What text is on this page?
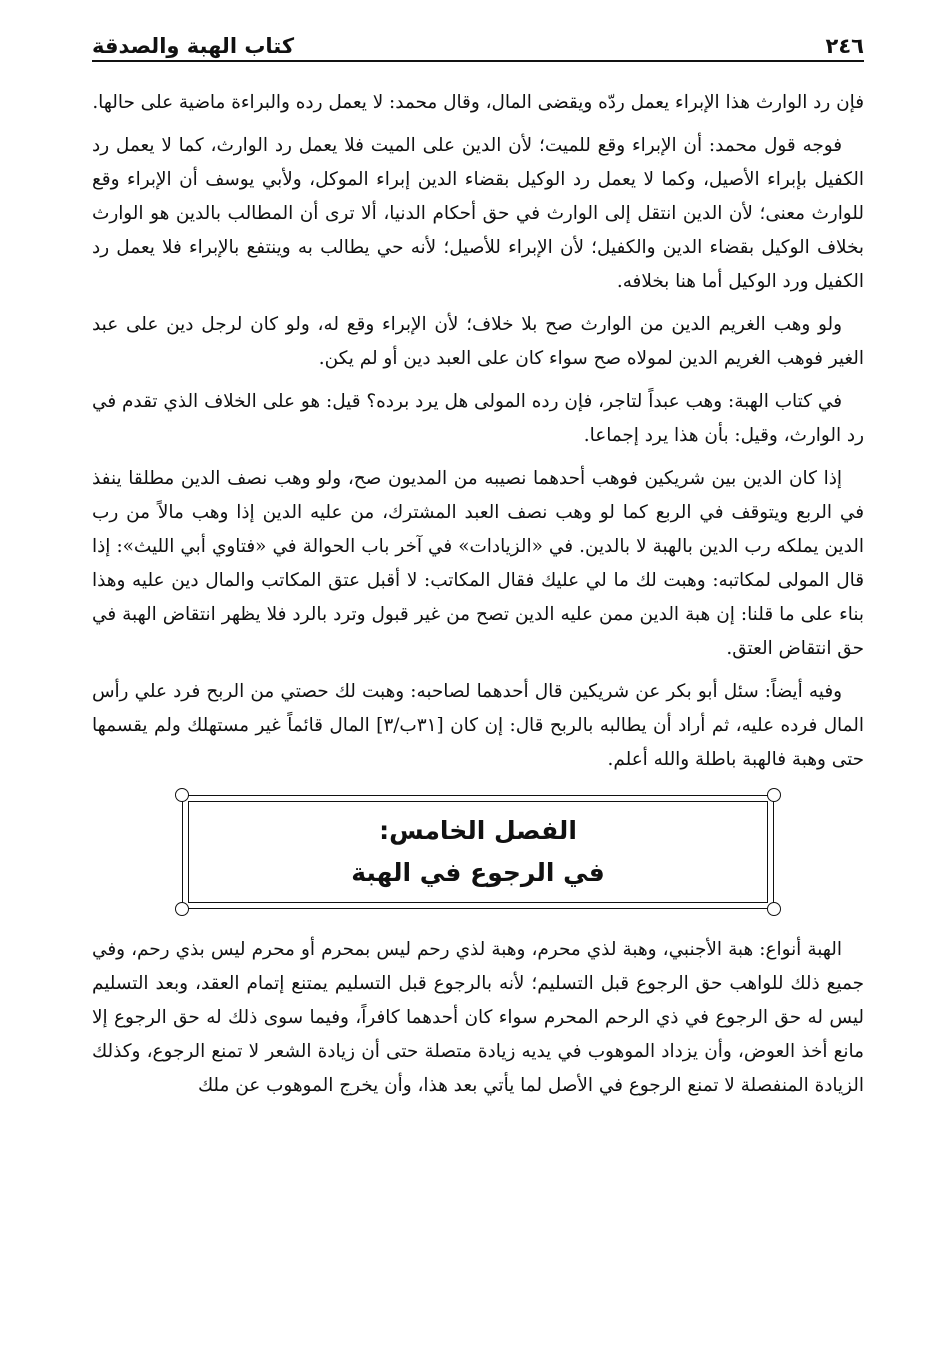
٢٤٦
كتاب الهبة والصدقة

فإن رد الوارث هذا الإبراء يعمل ردّه ويقضى المال، وقال محمد: لا يعمل رده والبراءة ماضية على حالها.

فوجه قول محمد: أن الإبراء وقع للميت؛ لأن الدين على الميت فلا يعمل رد الوارث، كما لا يعمل رد الكفيل بإبراء الأصيل، وكما لا يعمل رد الوكيل بقضاء الدين إبراء الموكل، ولأبي يوسف أن الإبراء وقع للوارث معنى؛ لأن الدين انتقل إلى الوارث في حق أحكام الدنيا، ألا ترى أن المطالب بالدين هو الوارث بخلاف الوكيل بقضاء الدين والكفيل؛ لأن الإبراء للأصيل؛ لأنه حي يطالب به وينتفع بالإبراء فلا يعمل رد الكفيل ورد الوكيل أما هنا بخلافه.

ولو وهب الغريم الدين من الوارث صح بلا خلاف؛ لأن الإبراء وقع له، ولو كان لرجل دين على عبد الغير فوهب الغريم الدين لمولاه صح سواء كان على العبد دين أو لم يكن.

في كتاب الهبة: وهب عبداً لتاجر، فإن رده المولى هل يرد برده؟ قيل: هو على الخلاف الذي تقدم في رد الوارث، وقيل: بأن هذا يرد إجماعا.

إذا كان الدين بين شريكين فوهب أحدهما نصيبه من المديون صح، ولو وهب نصف الدين مطلقا ينفذ في الربع ويتوقف في الربع كما لو وهب نصف العبد المشترك، من عليه الدين إذا وهب مالاً من رب الدين يملكه رب الدين بالهبة لا بالدين. في «الزيادات» في آخر باب الحوالة في «فتاوي أبي الليث»: إذا قال المولى لمكاتبه: وهبت لك ما لي عليك فقال المكاتب: لا أقبل عتق المكاتب والمال دين عليه وهذا بناء على ما قلنا: إن هبة الدين ممن عليه الدين تصح من غير قبول وترد بالرد فلا يظهر انتقاض الهبة في حق انتقاض العتق.

وفيه أيضاً: سئل أبو بكر عن شريكين قال أحدهما لصاحبه: وهبت لك حصتي من الربح فرد علي رأس المال فرده عليه، ثم أراد أن يطالبه بالربح قال: إن كان [٣١ب/٣] المال قائماً غير مستهلك ولم يقسمها حتى وهبة فالهبة باطلة والله أعلم.

الفصل الخامس:
في الرجوع في الهبة

الهبة أنواع: هبة الأجنبي، وهبة لذي محرم، وهبة لذي رحم ليس بمحرم أو محرم ليس بذي رحم، وفي جميع ذلك للواهب حق الرجوع قبل التسليم؛ لأنه بالرجوع قبل التسليم يمتنع إتمام العقد، وبعد التسليم ليس له حق الرجوع في ذي الرحم المحرم سواء كان أحدهما كافراً، وفيما سوى ذلك له حق الرجوع إلا مانع أخذ العوض، وأن يزداد الموهوب في يديه زيادة متصلة حتى أن زيادة الشعر لا تمنع الرجوع، وكذلك الزيادة المنفصلة لا تمنع الرجوع في الأصل لما يأتي بعد هذا، وأن يخرج الموهوب عن ملك
